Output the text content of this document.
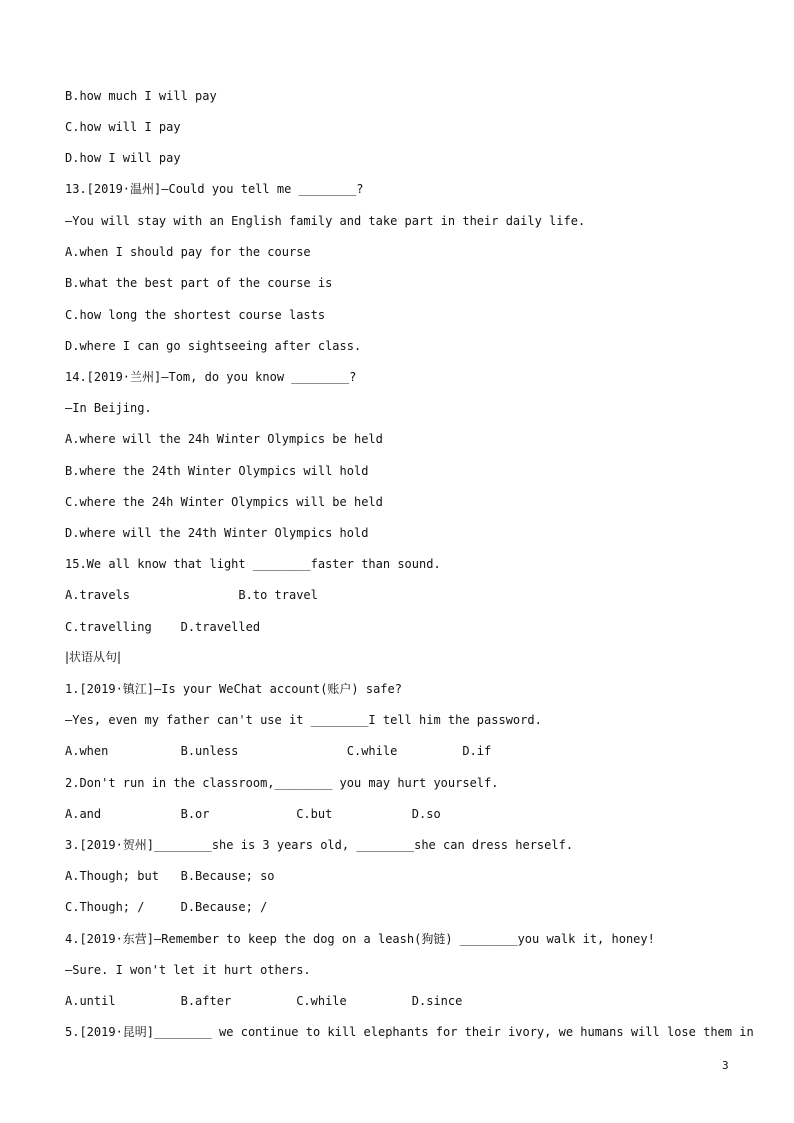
B.how much I will pay
C.how will I pay
D.how I will pay
13.[2019·温州]—Could you tell me ________?
—You will stay with an English family and take part in their daily life.
A.when I should pay for the course
B.what the best part of the course is
C.how long the shortest course lasts
D.where I can go sightseeing after class.
14.[2019·兰州]—Tom, do you know ________?
—In Beijing.
A.where will the 24h Winter Olympics be held
B.where the 24th Winter Olympics will hold
C.where the 24h Winter Olympics will be held
D.where will the 24th Winter Olympics hold
15.We all know that light ________faster than sound.
A.travels               B.to travel
C.travelling    D.travelled
|状语从句|
1.[2019·镇江]—Is your WeChat account(账户) safe?
—Yes, even my father can't use it ________I tell him the password.
A.when          B.unless               C.while         D.if
2.Don't run in the classroom,________ you may hurt yourself.
A.and           B.or            C.but           D.so
3.[2019·贺州]________she is 3 years old, ________she can dress herself.
A.Though; but   B.Because; so
C.Though; /     D.Because; /
4.[2019·东营]—Remember to keep the dog on a leash(狗链) ________you walk it, honey!
—Sure. I won't let it hurt others.
A.until         B.after         C.while         D.since
5.[2019·昆明]________ we continue to kill elephants for their ivory, we humans will lose them in
3
